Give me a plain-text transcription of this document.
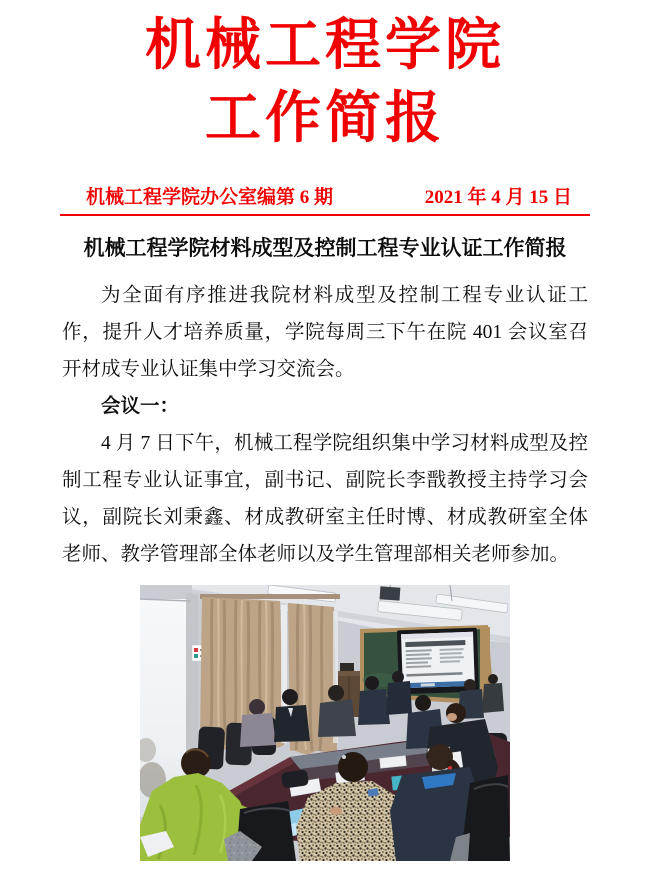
机械工程学院
工作简报
机械工程学院办公室编第 6 期	2021 年 4 月 15 日
机械工程学院材料成型及控制工程专业认证工作简报

为全面有序推进我院材料成型及控制工程专业认证工作，提升人才培养质量，学院每周三下午在院 401 会议室召开材成专业认证集中学习交流会。

会议一：

4 月 7 日下午，机械工程学院组织集中学习材料成型及控制工程专业认证事宜，副书记、副院长李戬教授主持学习会议，副院长刘秉鑫、材成教研室主任时博、材成教研室全体老师、教学管理部全体老师以及学生管理部相关老师参加。
